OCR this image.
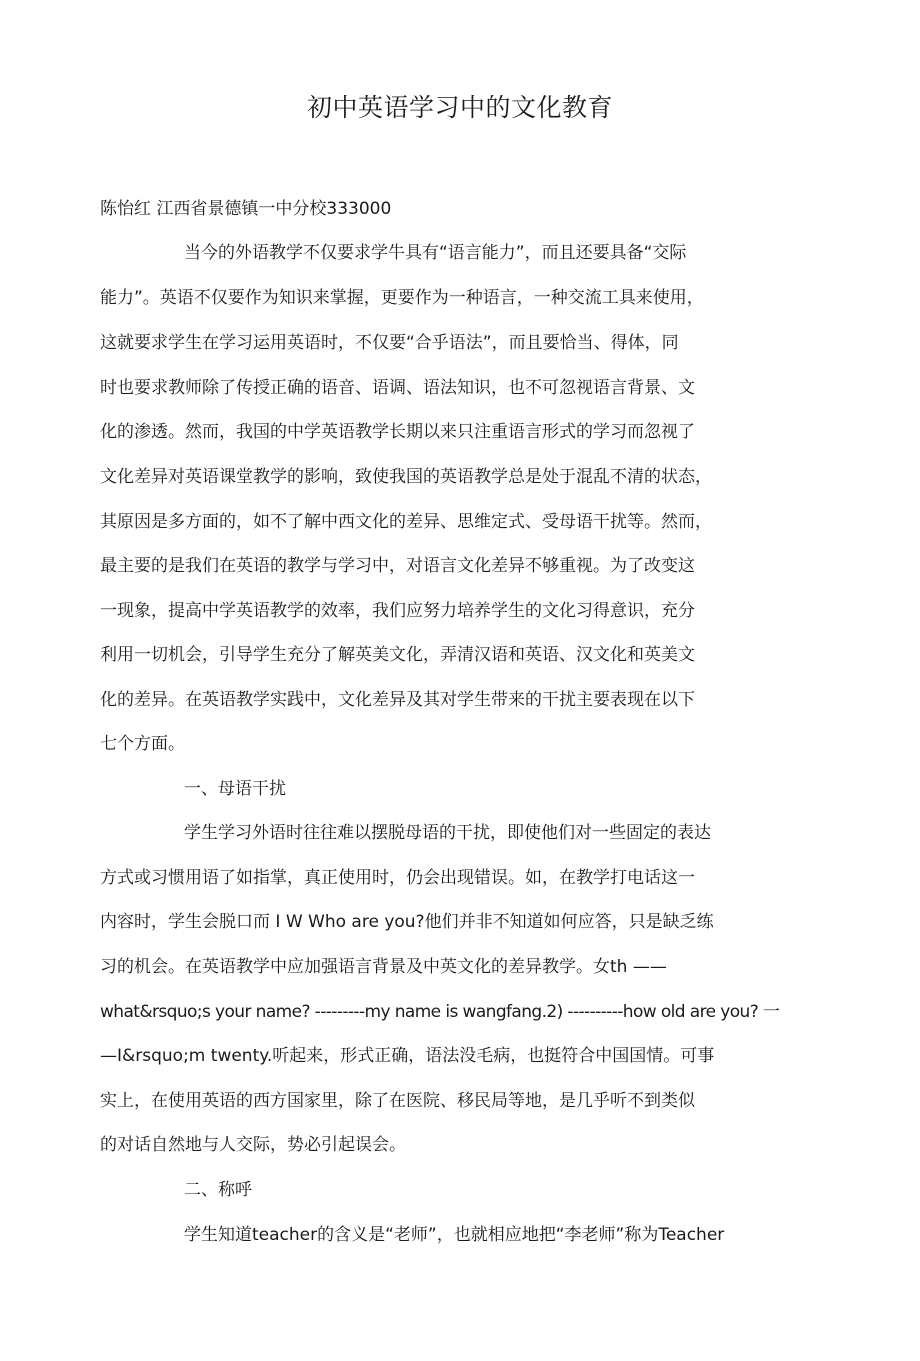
初中英语学习中的文化教育
陈怡红 江西省景德镇一中分校333000
当今的外语教学不仅要求学牛具有“语言能力”，而且还要具备“交际
能力”。英语不仅要作为知识来掌握，更要作为一种语言，一种交流工具来使用，
这就要求学生在学习运用英语时，不仅要“合乎语法”，而且要恰当、得体，同
时也要求教师除了传授正确的语音、语调、语法知识，也不可忽视语言背景、文
化的渗透。然而，我国的中学英语教学长期以来只注重语言形式的学习而忽视了
文化差异对英语课堂教学的影响，致使我国的英语教学总是处于混乱不清的状态，
其原因是多方面的，如不了解中西文化的差异、思维定式、受母语干扰等。然而，
最主要的是我们在英语的教学与学习中，对语言文化差异不够重视。为了改变这
一现象，提高中学英语教学的效率，我们应努力培养学生的文化习得意识，充分
利用一切机会，引导学生充分了解英美文化，弄清汉语和英语、汉文化和英美文
化的差异。在英语教学实践中，文化差异及其对学生带来的干扰主要表现在以下
七个方面。
一、母语干扰
学生学习外语时往往难以摆脱母语的干扰，即使他们对一些固定的表达
方式或习惯用语了如指掌，真正使用时，仍会出现错误。如，在教学打电话这一
内容时，学生会脱口而 I W Who are you?他们并非不知道如何应答，只是缺乏练
习的机会。在英语教学中应加强语言背景及中英文化的差异教学。女th ——
what&rsquo;s your name? ---------my name is wangfang.2) ----------how old are you? 一
—I&rsquo;m twenty.听起来，形式正确，语法没毛病，也挺符合中国国情。可事
实上，在使用英语的西方国家里，除了在医院、移民局等地，是几乎听不到类似
的对话自然地与人交际，势必引起误会。
二、称呼
学生知道teacher的含义是“老师”，也就相应地把“李老师”称为Teacher
